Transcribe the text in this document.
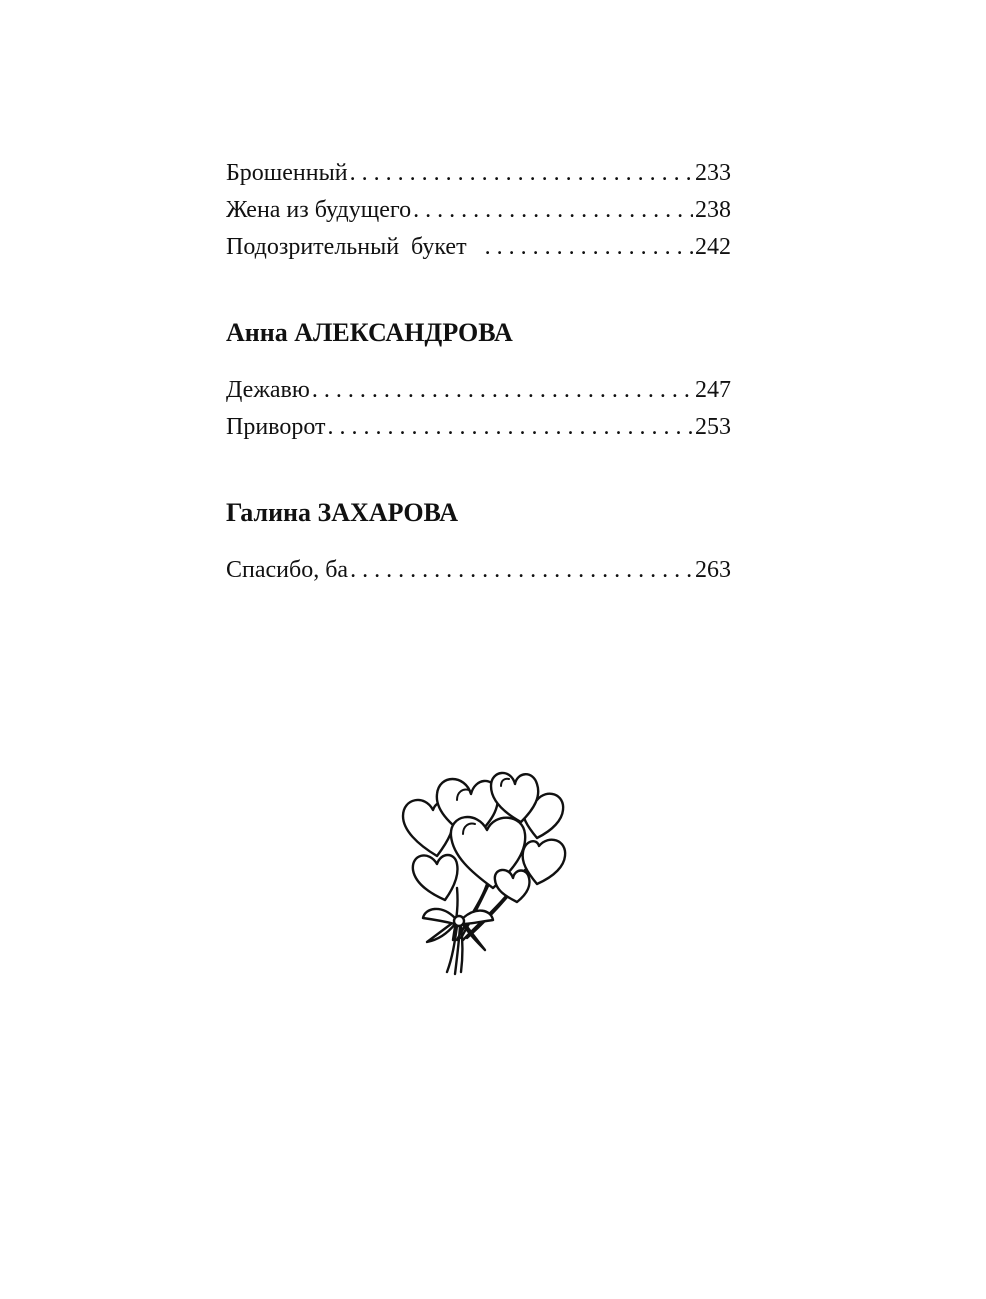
Брошенный . . .	233
Жена из будущего . . .	238
Подозрительный  букет . . .	242
Анна АЛЕКСАНДРОВА
Дежавю . . .	247
Приворот . . .	253
Галина ЗАХАРОВА
Спасибо, ба . . .	263
